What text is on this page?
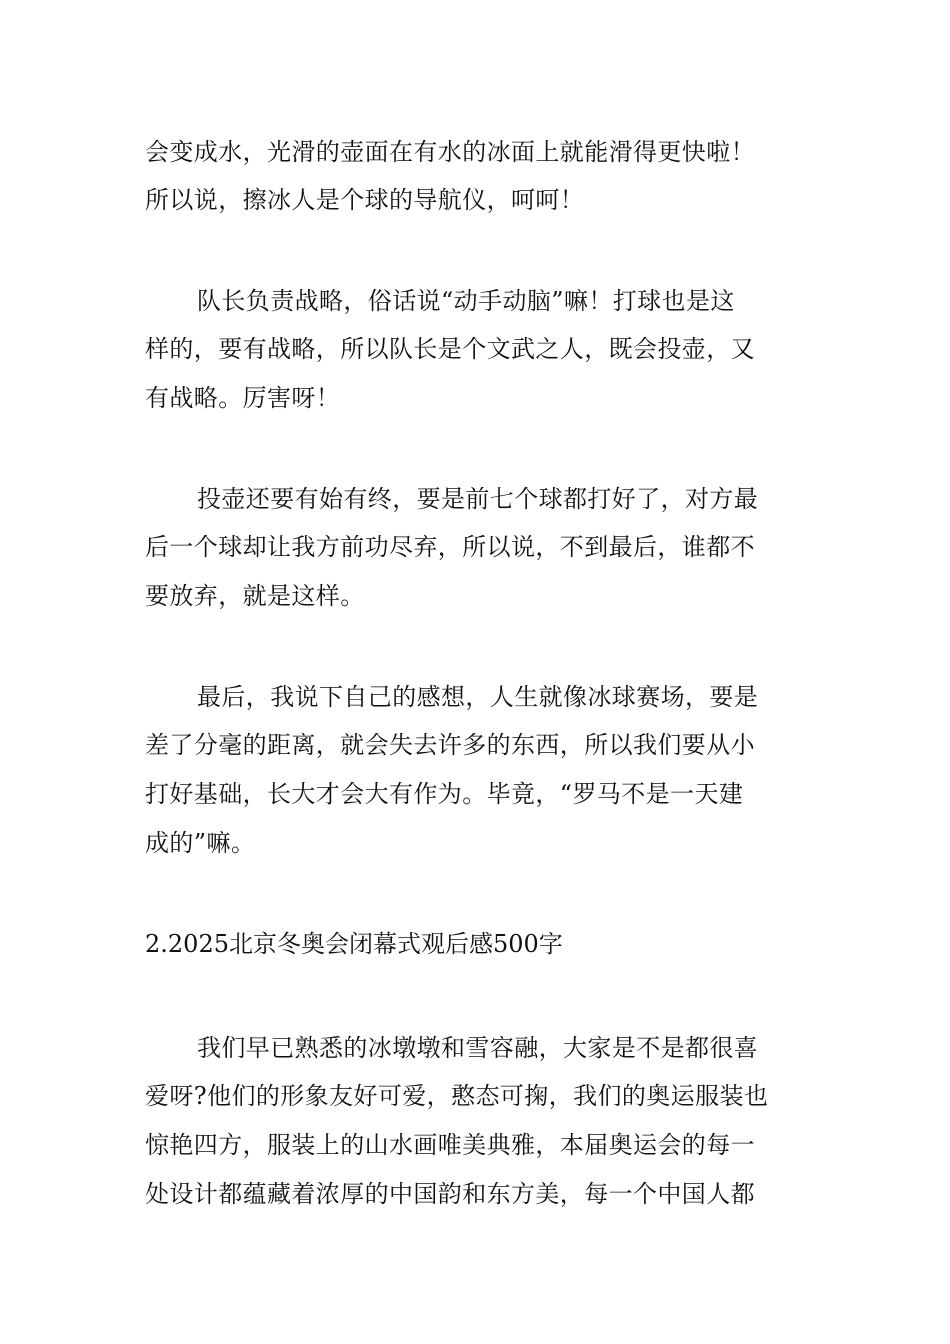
会变成水，光滑的壶面在有水的冰面上就能滑得更快啦！
所以说，擦冰人是个球的导航仪，呵呵！
队长负责战略，俗话说“动手动脑”嘛！打球也是这
样的，要有战略，所以队长是个文武之人，既会投壶，又
有战略。厉害呀！
投壶还要有始有终，要是前七个球都打好了，对方最
后一个球却让我方前功尽弃，所以说，不到最后，谁都不
要放弃，就是这样。
最后，我说下自己的感想，人生就像冰球赛场，要是
差了分毫的距离，就会失去许多的东西，所以我们要从小
打好基础，长大才会大有作为。毕竟，“罗马不是一天建
成的”嘛。
2.2025北京冬奥会闭幕式观后感500字
我们早已熟悉的冰墩墩和雪容融，大家是不是都很喜
爱呀?他们的形象友好可爱，憨态可掬，我们的奥运服装也
惊艳四方，服装上的山水画唯美典雅，本届奥运会的每一
处设计都蕴藏着浓厚的中国韵和东方美，每一个中国人都
